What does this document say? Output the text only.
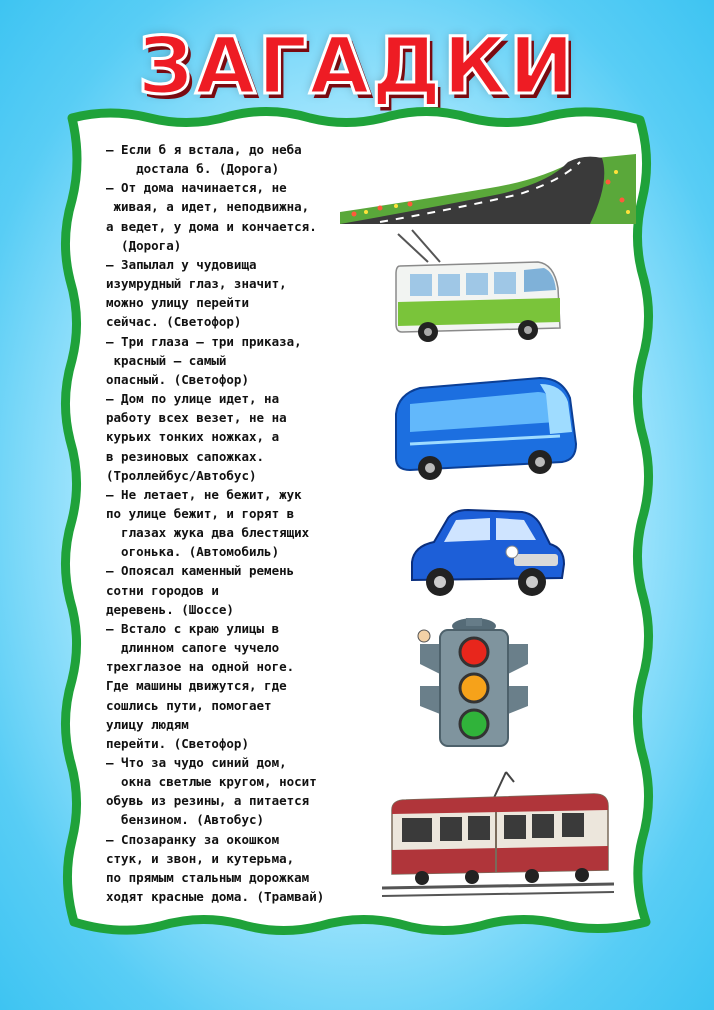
ЗАГАДКИ
— Если б я встала, до неба
достала б. (Дорога)
— От дома начинается, не
живая, а идет, неподвижна,
а ведет, у дома и кончается.
(Дорога)
— Запылал у чудовища
изумрудный глаз, значит,
можно улицу перейти
сейчас. (Светофор)
— Три глаза — три приказа,
красный — самый
опасный. (Светофор)
— Дом по улице идет, на
работу всех везет, не на
курьих тонких ножках, а
в резиновых сапожках.
(Троллейбус/Автобус)
— Не летает, не бежит, жук
по улице бежит, и горят в
глазах жука два блестящих
огонька. (Автомобиль)
— Опоясал каменный ремень
сотни городов и
деревень. (Шоссе)
— Встало с краю улицы в
длинном сапоге чучело
трехглазое на одной ноге.
Где машины движутся, где
сошлись пути, помогает
улицу людям
перейти. (Светофор)
— Что за чудо синий дом,
окна светлые кругом, носит
обувь из резины, а питается
бензином. (Автобус)
— Спозаранку за окошком
стук, и звон, и кутерьма,
по прямым стальным дорожкам
ходят красные дома. (Трамвай)
